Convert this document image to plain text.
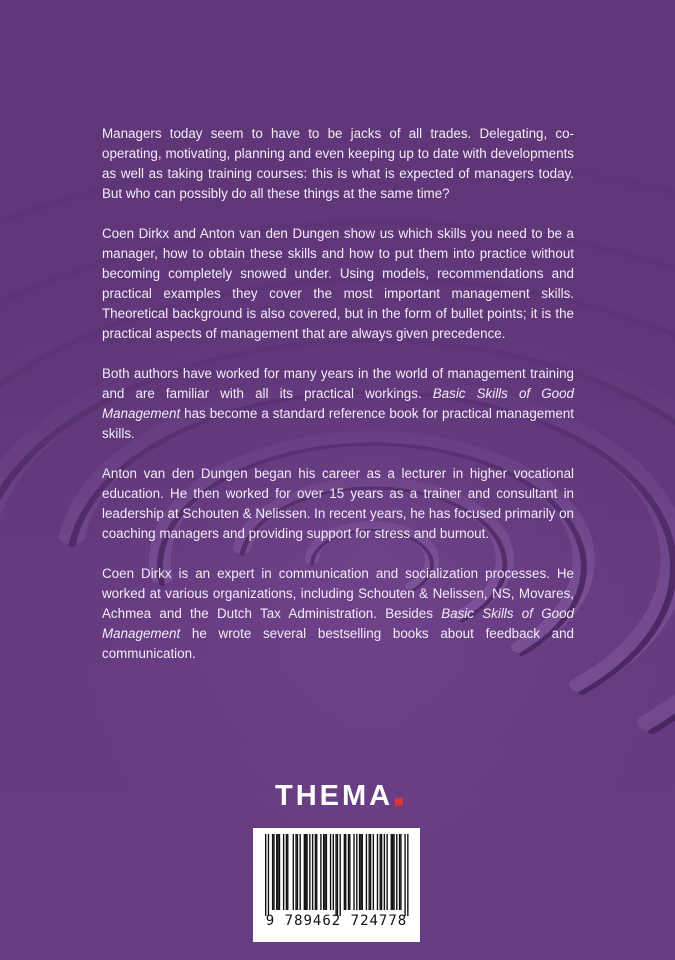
Managers today seem to have to be jacks of all trades. Delegating, co-operating, motivating, planning and even keeping up to date with developments as well as taking training courses: this is what is expected of managers today. But who can possibly do all these things at the same time?

Coen Dirkx and Anton van den Dungen show us which skills you need to be a manager, how to obtain these skills and how to put them into practice without becoming completely snowed under. Using models, recommendations and practical examples they cover the most important management skills. Theoretical background is also covered, but in the form of bullet points; it is the practical aspects of management that are always given precedence.

Both authors have worked for many years in the world of management training and are familiar with all its practical workings. Basic Skills of Good Management has become a standard reference book for practical management skills.

Anton van den Dungen began his career as a lecturer in higher vocational education. He then worked for over 15 years as a trainer and consultant in leadership at Schouten & Nelissen. In recent years, he has focused primarily on coaching managers and providing support for stress and burnout.

Coen Dirkx is an expert in communication and socialization processes. He worked at various organizations, including Schouten & Nelissen, NS, Movares, Achmea and the Dutch Tax Administration. Besides Basic Skills of Good Management he wrote several bestselling books about feedback and communication.

THEMA
9 789462 724778
